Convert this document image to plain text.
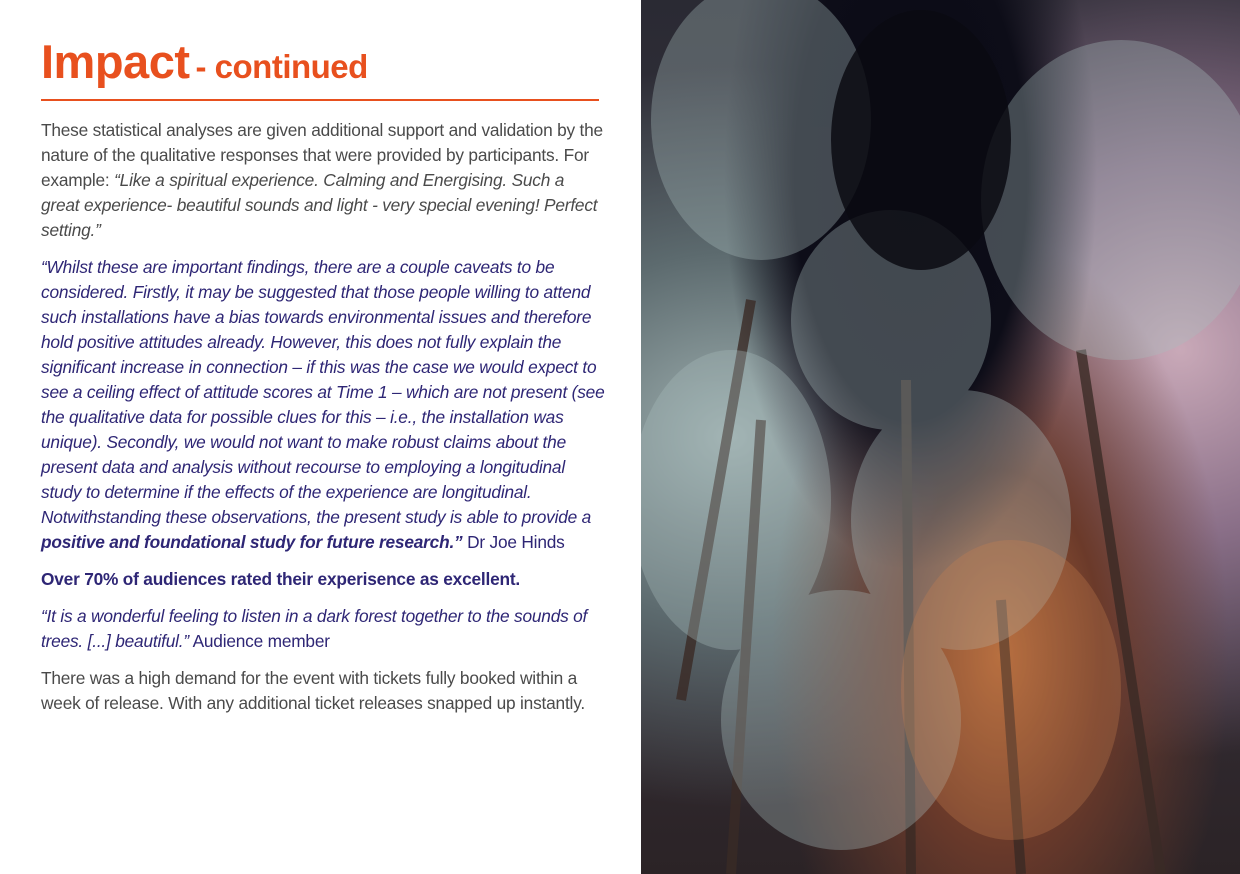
Impact - continued

These statistical analyses are given additional support and validation by the nature of the qualitative responses that were provided by participants. For example: “Like a spiritual experience. Calming and Energising. Such a great experience- beautiful sounds and light - very special evening! Perfect setting.”

“Whilst these are important findings, there are a couple caveats to be considered. Firstly, it may be suggested that those people willing to attend such installations have a bias towards environmental issues and therefore hold positive attitudes already. However, this does not fully explain the significant increase in connection – if this was the case we would expect to see a ceiling effect of attitude scores at Time 1 – which are not present (see the qualitative data for possible clues for this – i.e., the installation was unique). Secondly, we would not want to make robust claims about the present data and analysis without recourse to employing a longitudinal study to determine if the effects of the experience are longitudinal. Notwithstanding these observations, the present study is able to provide a positive and foundational study for future research.” Dr Joe Hinds

Over 70% of audiences rated their experisence as excellent.

“It is a wonderful feeling to listen in a dark forest together to the sounds of trees. [...] beautiful.” Audience member

There was a high demand for the event with tickets fully booked within a week of release. With any additional ticket releases snapped up instantly.
